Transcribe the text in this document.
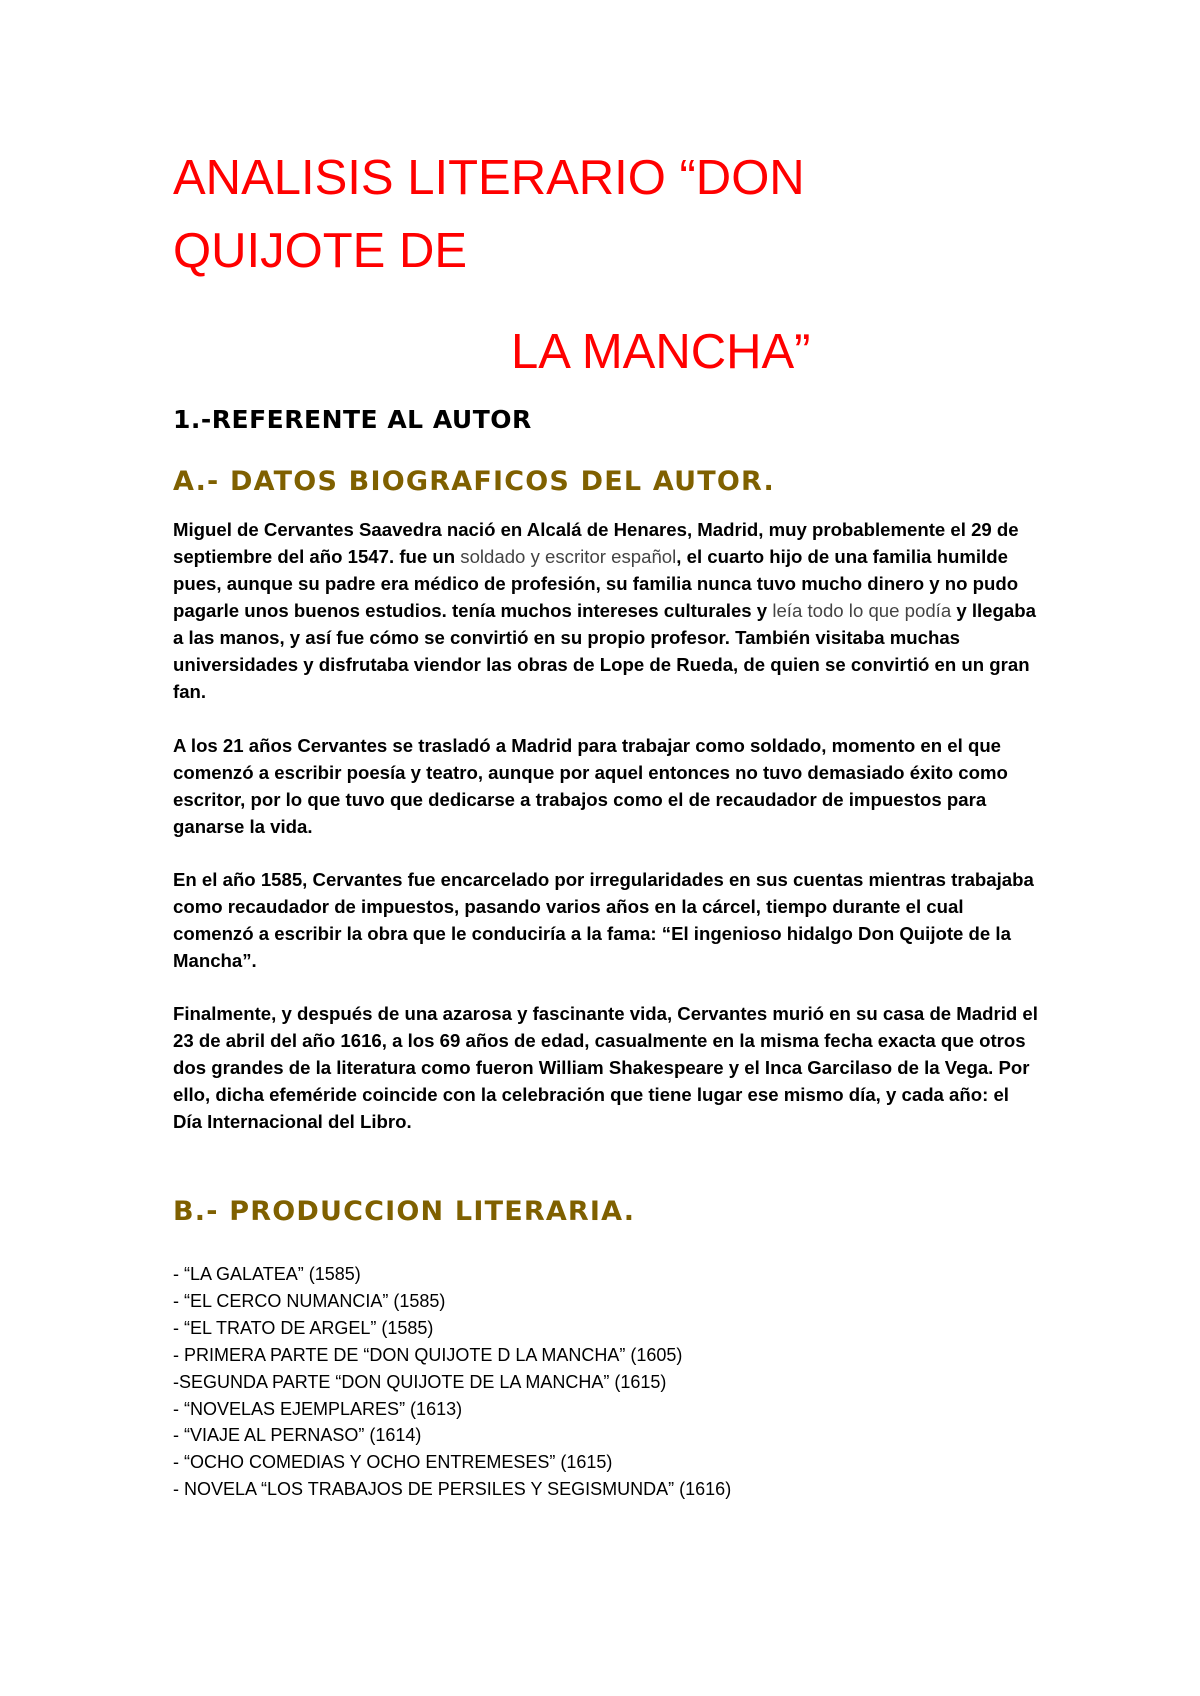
ANALISIS LITERARIO “DON
QUIJOTE DE
LA MANCHA”
1.-REFERENTE AL AUTOR
A.- DATOS BIOGRAFICOS DEL AUTOR.

Miguel de Cervantes Saavedra nació en Alcalá de Henares, Madrid, muy probablemente el 29 de septiembre del año 1547. fue un soldado y escritor español, el cuarto hijo de una familia humilde pues, aunque su padre era médico de profesión, su familia nunca tuvo mucho dinero y no pudo pagarle unos buenos estudios. tenía muchos intereses culturales y leía todo lo que podía y llegaba a las manos, y así fue cómo se convirtió en su propio profesor. También visitaba muchas universidades y disfrutaba viendor las obras de Lope de Rueda, de quien se convirtió en un gran fan.

A los 21 años Cervantes se trasladó a Madrid para trabajar como soldado, momento en el que comenzó a escribir poesía y teatro, aunque por aquel entonces no tuvo demasiado éxito como escritor, por lo que tuvo que dedicarse a trabajos como el de recaudador de impuestos para ganarse la vida.

En el año 1585, Cervantes fue encarcelado por irregularidades en sus cuentas mientras trabajaba como recaudador de impuestos, pasando varios años en la cárcel, tiempo durante el cual comenzó a escribir la obra que le conduciría a la fama: “El ingenioso hidalgo Don Quijote de la Mancha”.

Finalmente, y después de una azarosa y fascinante vida, Cervantes murió en su casa de Madrid el 23 de abril del año 1616, a los 69 años de edad, casualmente en la misma fecha exacta que otros dos grandes de la literatura como fueron William Shakespeare y el Inca Garcilaso de la Vega. Por ello, dicha efeméride coincide con la celebración que tiene lugar ese mismo día, y cada año: el Día Internacional del Libro.

B.- PRODUCCION LITERARIA.
- “LA GALATEA” (1585)
- “EL CERCO NUMANCIA” (1585)
- “EL TRATO DE ARGEL” (1585)
- PRIMERA PARTE DE “DON QUIJOTE D LA MANCHA” (1605)
-SEGUNDA PARTE “DON QUIJOTE DE LA MANCHA” (1615)
- “NOVELAS EJEMPLARES” (1613)
- “VIAJE AL PERNASO” (1614)
- “OCHO COMEDIAS Y OCHO ENTREMESES” (1615)
- NOVELA “LOS TRABAJOS DE PERSILES Y SEGISMUNDA” (1616)
